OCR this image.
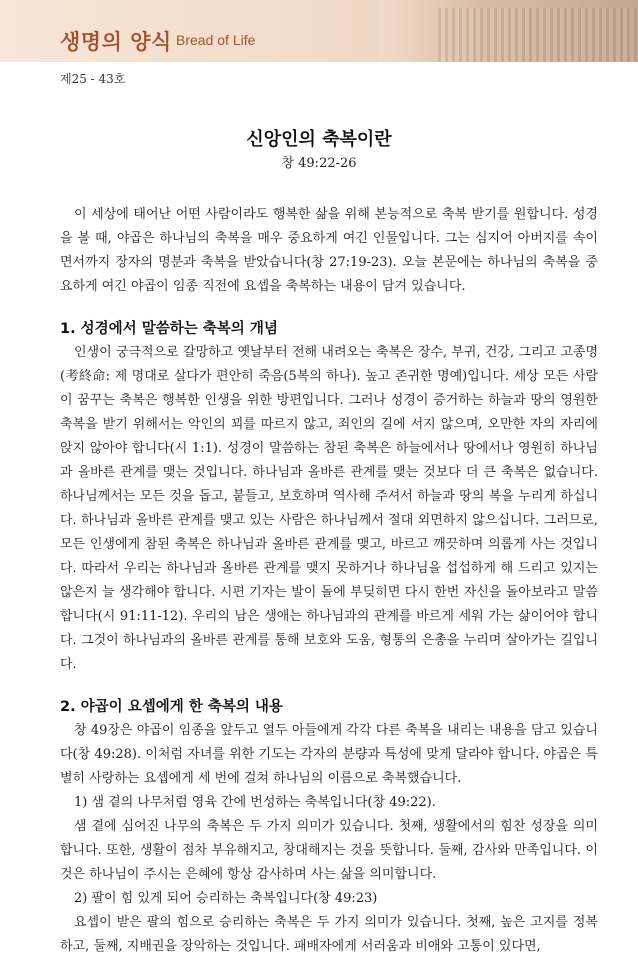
생명의 양식 Bread of Life
제25 - 43호
신앙인의 축복이란
창 49:22-26

이 세상에 태어난 어떤 사람이라도 행복한 삶을 위해 본능적으로 축복 받기를 원합니다. 성경을 볼 때, 야곱은 하나님의 축복을 매우 중요하게 여긴 인물입니다. 그는 심지어 아버지를 속이면서까지 장자의 명분과 축복을 받았습니다(창 27:19-23). 오늘 본문에는 하나님의 축복을 중요하게 여긴 야곱이 임종 직전에 요셉을 축복하는 내용이 담겨 있습니다.

1. 성경에서 말씀하는 축복의 개념

인생이 궁극적으로 갈망하고 옛날부터 전해 내려오는 축복은 장수, 부귀, 건강, 그리고 고종명(考終命: 제 명대로 살다가 편안히 죽음(5복의 하나). 높고 존귀한 명예)입니다. 세상 모든 사람이 꿈꾸는 축복은 행복한 인생을 위한 방편입니다. 그러나 성경이 증거하는 하늘과 땅의 영원한 축복을 받기 위해서는 악인의 꾀를 따르지 않고, 죄인의 길에 서지 않으며, 오만한 자의 자리에 앉지 않아야 합니다(시 1:1). 성경이 말씀하는 참된 축복은 하늘에서나 땅에서나 영원히 하나님과 올바른 관계를 맺는 것입니다. 하나님과 올바른 관계를 맺는 것보다 더 큰 축복은 없습니다. 하나님께서는 모든 것을 돕고, 붙들고, 보호하며 역사해 주셔서 하늘과 땅의 복을 누리게 하십니다. 하나님과 올바른 관계를 맺고 있는 사람은 하나님께서 절대 외면하지 않으십니다. 그러므로, 모든 인생에게 참된 축복은 하나님과 올바른 관계를 맺고, 바르고 깨끗하며 의롭게 사는 것입니다. 따라서 우리는 하나님과 올바른 관계를 맺지 못하거나 하나님을 섭섭하게 해 드리고 있지는 않은지 늘 생각해야 합니다. 시편 기자는 발이 돌에 부딪히면 다시 한번 자신을 돌아보라고 말씀합니다(시 91:11-12). 우리의 남은 생애는 하나님과의 관계를 바르게 세워 가는 삶이어야 합니다. 그것이 하나님과의 올바른 관계를 통해 보호와 도움, 형통의 은총을 누리며 살아가는 길입니다.

2. 야곱이 요셉에게 한 축복의 내용

창 49장은 야곱이 임종을 앞두고 열두 아들에게 각각 다른 축복을 내리는 내용을 담고 있습니다(창 49:28). 이처럼 자녀를 위한 기도는 각자의 분량과 특성에 맞게 달라야 합니다. 야곱은 특별히 사랑하는 요셉에게 세 번에 걸쳐 하나님의 이름으로 축복했습니다.

1) 샘 곁의 나무처럼 영육 간에 번성하는 축복입니다(창 49:22).

샘 곁에 심어진 나무의 축복은 두 가지 의미가 있습니다. 첫째, 생활에서의 힘찬 성장을 의미합니다. 또한, 생활이 점차 부유해지고, 창대해지는 것을 뜻합니다. 둘째, 감사와 만족입니다. 이것은 하나님이 주시는 은혜에 항상 감사하며 사는 삶을 의미합니다.

2) 팔이 힘 있게 되어 승리하는 축복입니다(창 49:23)

요셉이 받은 팔의 힘으로 승리하는 축복은 두 가지 의미가 있습니다. 첫째, 높은 고지를 정복하고, 둘째, 지배권을 장악하는 것입니다. 패배자에게 서러움과 비애와 고통이 있다면,
